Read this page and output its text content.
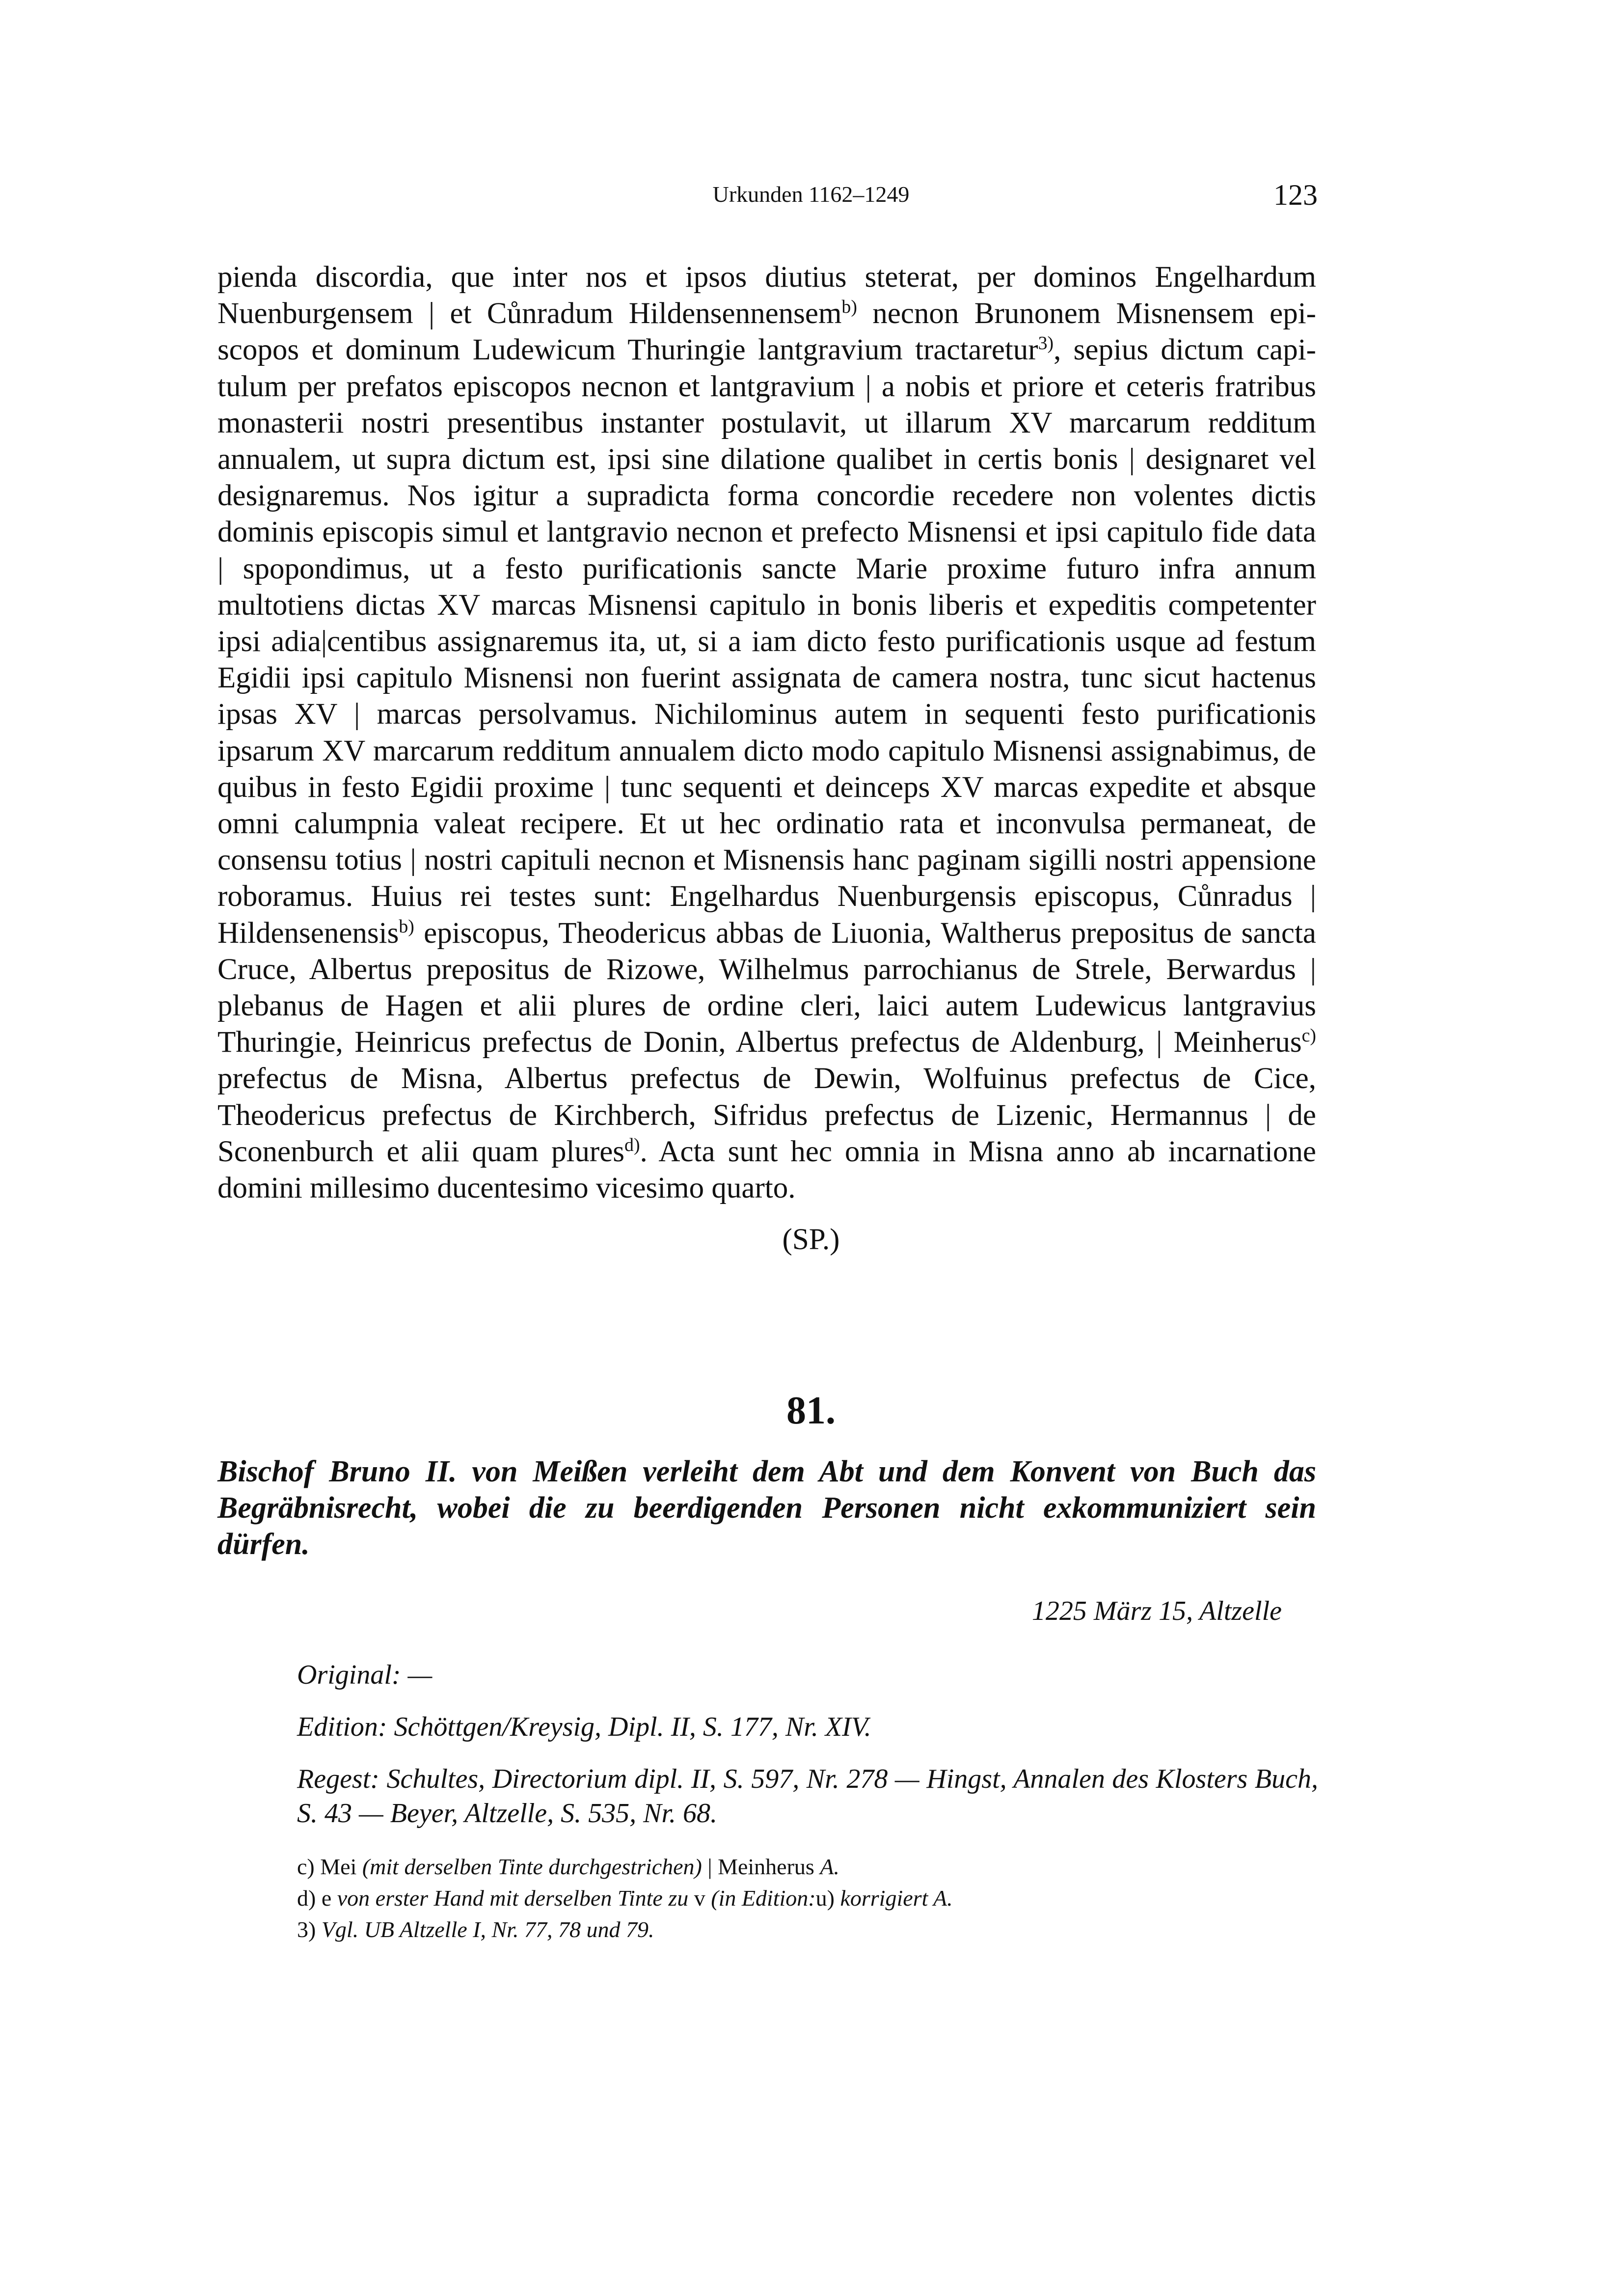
Urkunden 1162–1249	123

pienda discordia, que inter nos et ipsos diutius steterat, per dominos Engelhardum Nuenburgensem | et Cůnradum Hildensennensem$^{b)}$ necnon Brunonem Misnensem episcopos et dominum Ludewicum Thuringie lantgravium tractaretur$^{3)}$, sepius dictum capitulum per prefatos episcopos necnon et lantgravium | a nobis et priore et ceteris fratribus monasterii nostri presentibus instanter postulavit, ut illarum XV marcarum redditum annualem, ut supra dictum est, ipsi sine dilatione qualibet in certis bonis | designaret vel designaremus. Nos igitur a supradicta forma concordie recedere non volentes dictis dominis episcopis simul et lantgravio necnon et prefecto Misnensi et ipsi capitulo fide data | spopondimus, ut a festo purificationis sancte Marie proxime futuro infra annum multotiens dictas XV marcas Misnensi capitulo in bonis liberis et expeditis competenter ipsi adia|centibus assignaremus ita, ut, si a iam dicto festo purificationis usque ad festum Egidii ipsi capitulo Misnensi non fuerint assignata de camera nostra, tunc sicut hactenus ipsas XV | marcas persolvamus. Nichilominus autem in sequenti festo purificationis ipsarum XV marcarum redditum annualem dicto modo capitulo Misnensi assignabimus, de quibus in festo Egidii proxime | tunc sequenti et deinceps XV marcas expedite et absque omni calumpnia valeat recipere. Et ut hec ordinatio rata et inconvulsa permaneat, de consensu totius | nostri capituli necnon et Misnensis hanc paginam sigilli nostri appensione roboramus. Huius rei testes sunt: Engelhardus Nuenburgensis episcopus, Cůnradus | Hildensenensis$^{b)}$ episcopus, Theodericus abbas de Liuonia, Waltherus prepositus de sancta Cruce, Albertus prepositus de Rizowe, Wilhelmus parrochianus de Strele, Berwardus | plebanus de Hagen et alii plures de ordine cleri, laici autem Ludewicus lantgravius Thuringie, Heinricus prefectus de Donin, Albertus prefectus de Aldenburg, | Meinherus$^{c)}$ prefectus de Misna, Albertus prefectus de Dewin, Wolfuinus prefectus de Cice, Theodericus prefectus de Kirchberch, Sifridus prefectus de Lizenic, Hermannus | de Sconenburch et alii quam plures$^{d)}$. Acta sunt hec omnia in Misna anno ab incarnatione domini millesimo ducentesimo vicesimo quarto.

(SP.)
81.
Bischof Bruno II. von Meißen verleiht dem Abt und dem Konvent von Buch das Begräbnisrecht, wobei die zu beerdigenden Personen nicht exkommuniziert sein dürfen.
1225 März 15, Altzelle

Original: —

Edition: Schöttgen/Kreysig, Dipl. II, S. 177, Nr. XIV.

Regest: Schultes, Directorium dipl. II, S. 597, Nr. 278 — Hingst, Annalen des Klosters Buch, S. 43 — Beyer, Altzelle, S. 535, Nr. 68.

c) Mei (mit derselben Tinte durchgestrichen) | Meinherus A.

d) e von erster Hand mit derselben Tinte zu v (in Edition:u) korrigiert A.

3) Vgl. UB Altzelle I, Nr. 77, 78 und 79.
